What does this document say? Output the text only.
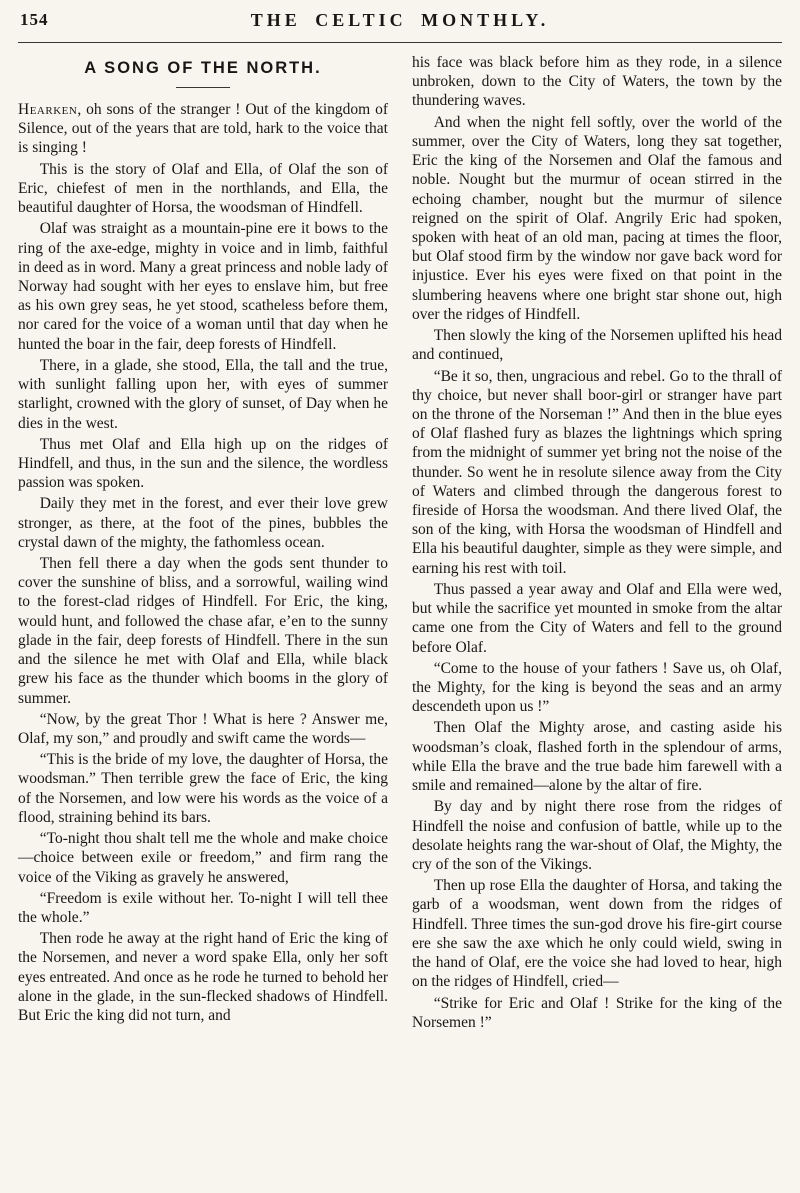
154	THE CELTIC MONTHLY.
A SONG OF THE NORTH.

Hearken, oh sons of the stranger ! Out of the kingdom of Silence, out of the years that are told, hark to the voice that is singing !

This is the story of Olaf and Ella, of Olaf the son of Eric, chiefest of men in the northlands, and Ella, the beautiful daughter of Horsa, the woodsman of Hindfell.

Olaf was straight as a mountain-pine ere it bows to the ring of the axe-edge, mighty in voice and in limb, faithful in deed as in word. Many a great princess and noble lady of Norway had sought with her eyes to enslave him, but free as his own grey seas, he yet stood, scatheless before them, nor cared for the voice of a woman until that day when he hunted the boar in the fair, deep forests of Hindfell.

There, in a glade, she stood, Ella, the tall and the true, with sunlight falling upon her, with eyes of summer starlight, crowned with the glory of sunset, of Day when he dies in the west.

Thus met Olaf and Ella high up on the ridges of Hindfell, and thus, in the sun and the silence, the wordless passion was spoken.

Daily they met in the forest, and ever their love grew stronger, as there, at the foot of the pines, bubbles the crystal dawn of the mighty, the fathomless ocean.

Then fell there a day when the gods sent thunder to cover the sunshine of bliss, and a sorrowful, wailing wind to the forest-clad ridges of Hindfell. For Eric, the king, would hunt, and followed the chase afar, e’en to the sunny glade in the fair, deep forests of Hindfell. There in the sun and the silence he met with Olaf and Ella, while black grew his face as the thunder which booms in the glory of summer.

“Now, by the great Thor ! What is here ? Answer me, Olaf, my son,” and proudly and swift came the words—

“This is the bride of my love, the daughter of Horsa, the woodsman.” Then terrible grew the face of Eric, the king of the Norsemen, and low were his words as the voice of a flood, straining behind its bars.

“To-night thou shalt tell me the whole and make choice—choice between exile or freedom,” and firm rang the voice of the Viking as gravely he answered,

“Freedom is exile without her. To-night I will tell thee the whole.”

Then rode he away at the right hand of Eric the king of the Norsemen, and never a word spake Ella, only her soft eyes entreated. And once as he rode he turned to behold her alone in the glade, in the sun-flecked shadows of Hindfell. But Eric the king did not turn, and

his face was black before him as they rode, in a silence unbroken, down to the City of Waters, the town by the thundering waves.

And when the night fell softly, over the world of the summer, over the City of Waters, long they sat together, Eric the king of the Norsemen and Olaf the famous and noble. Nought but the murmur of ocean stirred in the echoing chamber, nought but the murmur of silence reigned on the spirit of Olaf. Angrily Eric had spoken, spoken with heat of an old man, pacing at times the floor, but Olaf stood firm by the window nor gave back word for injustice. Ever his eyes were fixed on that point in the slumbering heavens where one bright star shone out, high over the ridges of Hindfell.

Then slowly the king of the Norsemen uplifted his head and continued,

“Be it so, then, ungracious and rebel. Go to the thrall of thy choice, but never shall boor-girl or stranger have part on the throne of the Norseman !” And then in the blue eyes of Olaf flashed fury as blazes the lightnings which spring from the midnight of summer yet bring not the noise of the thunder. So went he in resolute silence away from the City of Waters and climbed through the dangerous forest to fireside of Horsa the woodsman. And there lived Olaf, the son of the king, with Horsa the woodsman of Hindfell and Ella his beautiful daughter, simple as they were simple, and earning his rest with toil.

Thus passed a year away and Olaf and Ella were wed, but while the sacrifice yet mounted in smoke from the altar came one from the City of Waters and fell to the ground before Olaf.

“Come to the house of your fathers ! Save us, oh Olaf, the Mighty, for the king is beyond the seas and an army descendeth upon us !”

Then Olaf the Mighty arose, and casting aside his woodsman’s cloak, flashed forth in the splendour of arms, while Ella the brave and the true bade him farewell with a smile and remained—alone by the altar of fire.

By day and by night there rose from the ridges of Hindfell the noise and confusion of battle, while up to the desolate heights rang the war-shout of Olaf, the Mighty, the cry of the son of the Vikings.

Then up rose Ella the daughter of Horsa, and taking the garb of a woodsman, went down from the ridges of Hindfell. Three times the sun-god drove his fire-girt course ere she saw the axe which he only could wield, swing in the hand of Olaf, ere the voice she had loved to hear, high on the ridges of Hindfell, cried—

“Strike for Eric and Olaf ! Strike for the king of the Norsemen !”
